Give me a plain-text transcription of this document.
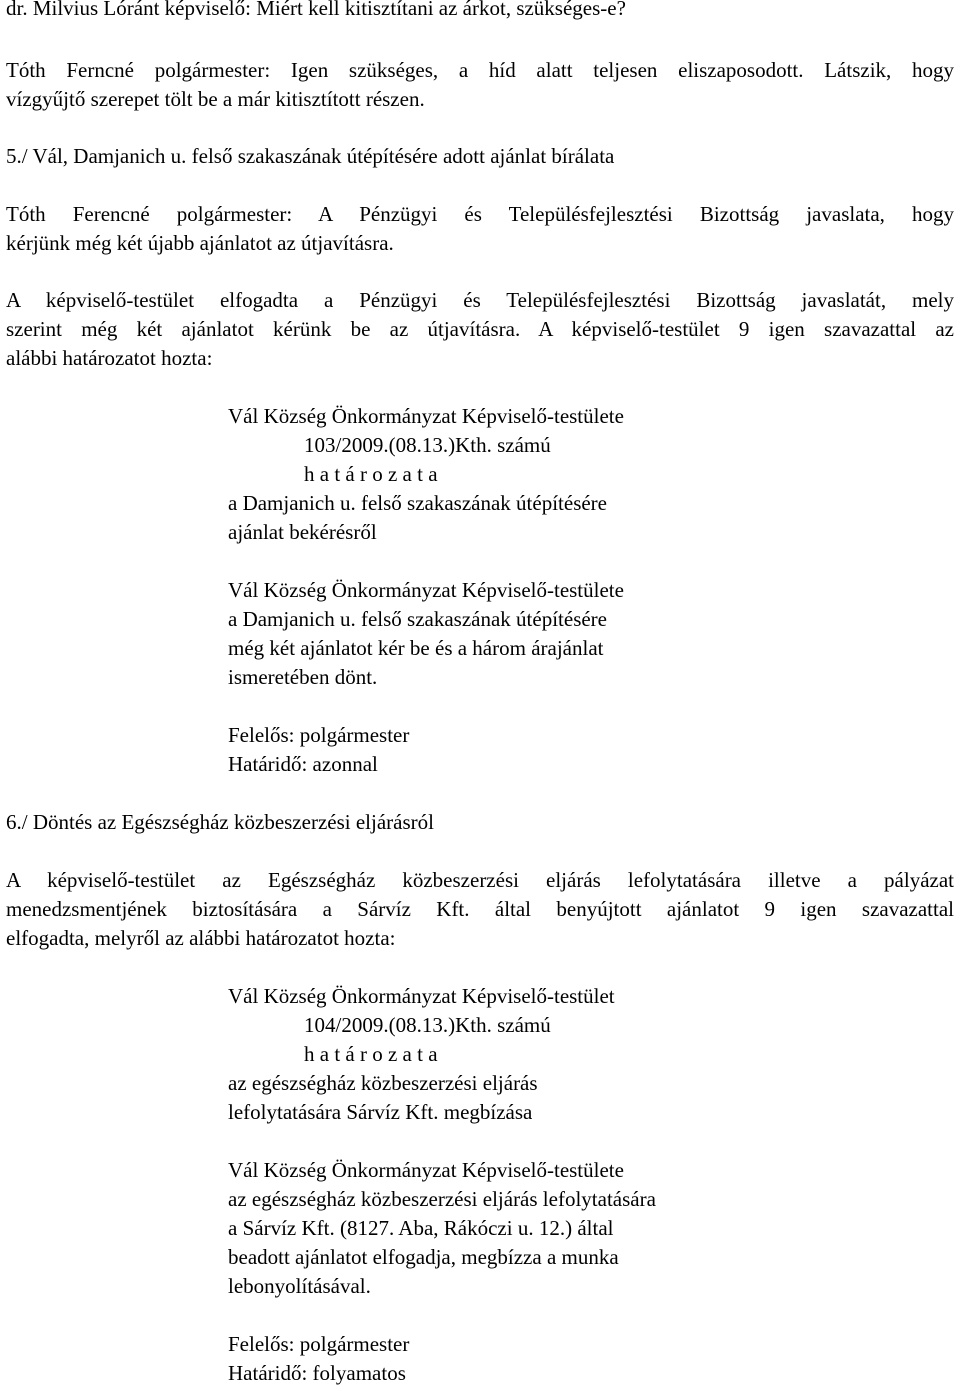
dr. Milvius Lóránt képviselő: Miért kell kitisztítani az árkot, szükséges-e?
Tóth Ferncné polgármester: Igen szükséges, a híd alatt teljesen eliszaposodott. Látszik, hogy
vízgyűjtő szerepet tölt be a már kitisztított részen.
5./ Vál, Damjanich u. felső szakaszának útépítésére adott ajánlat bírálata
Tóth Ferencné polgármester: A Pénzügyi és Településfejlesztési Bizottság javaslata, hogy
kérjünk még két újabb ajánlatot az útjavításra.
A képviselő-testület elfogadta a Pénzügyi és Településfejlesztési Bizottság javaslatát, mely
szerint még két ajánlatot kérünk be az útjavításra. A képviselő-testület 9 igen szavazattal az
alábbi határozatot hozta:
Vál Község Önkormányzat Képviselő-testülete
103/2009.(08.13.)Kth. számú
h a t á r o z a t a
a Damjanich u. felső szakaszának útépítésére
ajánlat bekérésről
Vál Község Önkormányzat Képviselő-testülete
a Damjanich u. felső szakaszának útépítésére
még két ajánlatot kér be és a három árajánlat
ismeretében dönt.
Felelős: polgármester
Határidő: azonnal
6./ Döntés az Egészségház közbeszerzési eljárásról
A képviselő-testület az Egészségház közbeszerzési eljárás lefolytatására illetve a pályázat
menedzsmentjének biztosítására a Sárvíz Kft. által benyújtott ajánlatot 9 igen szavazattal
elfogadta, melyről az alábbi határozatot hozta:
Vál Község Önkormányzat Képviselő-testület
104/2009.(08.13.)Kth. számú
h a t á r o z a t a
az egészségház közbeszerzési eljárás
lefolytatására Sárvíz Kft. megbízása
Vál Község Önkormányzat Képviselő-testülete
az egészségház közbeszerzési eljárás lefolytatására
a Sárvíz Kft. (8127. Aba, Rákóczi u. 12.) által
beadott ajánlatot elfogadja, megbízza a munka
lebonyolításával.
Felelős: polgármester
Határidő: folyamatos
